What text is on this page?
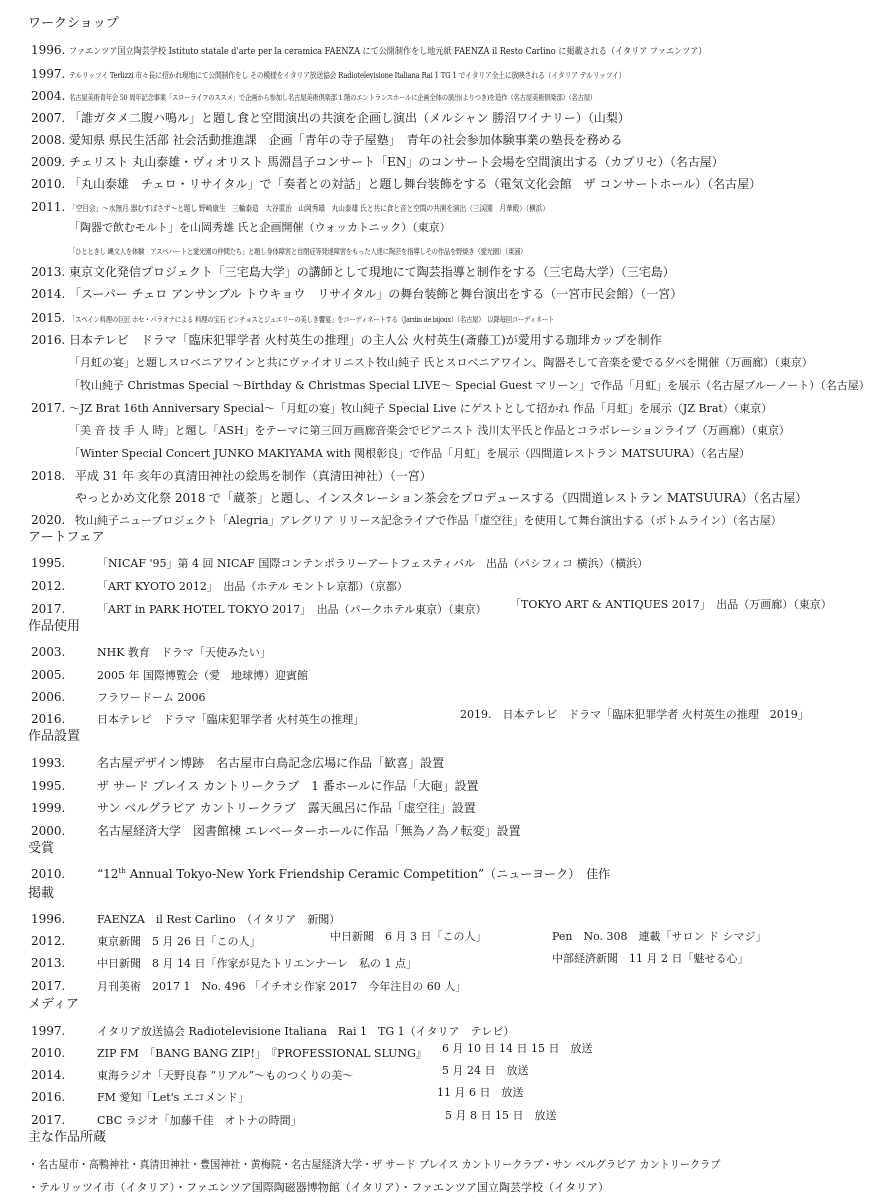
ワークショップ
1996. ファエンツア国立陶芸学校 Istituto statale d'arte per la ceramica FAENZA にて公開制作をし地元紙 FAENZA il Resto Carlino に掲載される（イタリア ファエンツア）
1997. テルリッツイ Terlizzi 市々長に招かれ現地にて公開制作をし その模様をイタリア放送協会 Radiotelevisione Italiana Rai 1 TG 1 でイタリア全土に放映される（イタリア テルリッツイ）
2004. 名古屋美術青年会 50 周年記念事業「スローライフのススメ」で企画から参加し名古屋美術倶楽部 1 階のエントランスホールに企画全体の演出(よりつき)を造作（名古屋美術倶楽部）（名古屋）
2007. 「誰ガタメ二腹ハ鳴ル」と題し食と空間演出の共演を企画し演出（メルシャン 勝沼ワイナリー）（山梨）
2008. 愛知県 県民生活部 社会活動推進課　企画「青年の寺子屋塾」　青年の社会参加体験事業の塾長を務める
2009. チェリスト 丸山泰雄・ヴィオリスト 馬淵昌子コンサート「EN」のコンサート会場を空間演出する（カプリセ）（名古屋）
2010. 「丸山泰雄　チェロ・リサイタル」で「奏者との対話」と題し舞台装飾をする（電気文化会館　ザ コンサートホール）（名古屋）
2011. 「空目会」～水無月 器むすばさず～と題し 野崎康生　三輪泰造　大谷重治　山岡秀雄　丸山泰雄 氏と共に食と音と空間の共演を演出（三渓園　月華殿）（横浜）
「陶器で飲むモルト」を山岡秀雄 氏と企画開催（ウォッカトニック）（東京）
「ひとときし 縄文人を体験　アスペハートと愛光園の仲間たち」と題し身体障害と自閉症等発達障害をもった人達に陶芸を指導しその作品を野焼き（愛光園）（東浦）
2013. 東京文化発信プロジェクト「三宅島大学」の講師として現地にて陶芸指導と制作をする（三宅島大学）（三宅島）
2014. 「スーパー チェロ アンサンブル トウキョウ　リサイタル」の舞台装飾と舞台演出をする（一宮市民会館）（一宮）
2015. 「スペイン料理の巨匠 ホセ・パラオナによる 料理の宝石 ピンチョスとジュエリーの美しき饗宴」をコーディネートする（Jardin de bijoux）（名古屋）　以降毎回コーディネート
2016. 日本テレビ　ドラマ「臨床犯罪学者 火村英生の推理」の主人公 火村英生(斎藤工)が愛用する珈琲カップを制作
「月虹の宴」と題しスロベニアワインと共にヴァイオリニスト牧山純子 氏とスロベニアワイン、陶器そして音楽を愛でる夕べを開催（万画廊）（東京）
「牧山純子 Christmas Special ～Birthday & Christmas Special LIVE～ Special Guest マリーン」で作品「月虹」を展示（名古屋ブルーノート）（名古屋）
2017. ～JZ Brat 16th Anniversary Special～「月虹の宴」牧山純子 Special Live にゲストとして招かれ 作品「月虹」を展示（JZ Brat）（東京）
「美 音 技 手 人 時」と題し「ASH」をテーマに第三回万画廊音楽会でピアニスト 浅川太平氏と作品とコラボレーションライブ（万画廊）（東京）
「Winter Special Concert JUNKO MAKIYAMA with 関根彰良」で作品「月虹」を展示（四間道レストラン MATSUURA）（名古屋）
2018. 平成 31 年 亥年の真清田神社の絵馬を制作（真清田神社）（一宮）
やっとかめ文化祭 2018 で「蔵茶」と題し、インスタレーション茶会をプロデュースする（四間道レストラン MATSUURA）（名古屋）
2020. 牧山純子ニュープロジェクト「Alegria」アレグリア リリース記念ライブで作品「虚空往」を使用して舞台演出する（ボトムライン）（名古屋）
アートフェア
1995.	「NICAF '95」第 4 回 NICAF 国際コンテンポラリーアートフェスティバル　出品（パシフィコ 横浜）（横浜）
2012.	「ART KYOTO 2012」　出品（ホテル モントレ京都）（京都）
2017.	「ART in PARK HOTEL TOKYO 2017」　出品（パークホテル東京）（東京） 「TOKYO ART & ANTIQUES 2017」　出品（万画廊）（東京）
作品使用
2003.	NHK 教育　ドラマ「天使みたい」
2005.	2005 年 国際博覧会（愛　地球博）迎賓館
2006.	フラワードーム 2006
2016.	日本テレビ　ドラマ「臨床犯罪学者 火村英生の推理」	2019.　日本テレビ　ドラマ「臨床犯罪学者 火村英生の推理　2019」
作品設置
1993.	名古屋デザイン博跡　名古屋市白鳥記念広場に作品「歓喜」設置
1995.	ザ サード プレイス カントリークラブ　1 番ホールに作品「大砲」設置
1999.	サン ベルグラビア カントリークラブ　露天風呂に作品「虚空往」設置
2000.	名古屋経済大学　図書館棟 エレベーターホールに作品「無為ノ為ノ転変」設置
受賞
2010.	“12th Annual Tokyo-New York Friendship Ceramic Competition”（ニューヨーク）　佳作
掲載
1996.	FAENZA　il Rest Carlino　（イタリア　新聞）
2012.	東京新聞　5 月 26 日「この人」	中日新聞　6 月 3 日「この人」	Pen　No. 308　連載「サロン ド シマジ」
2013.	中日新聞　8 月 14 日「作家が見たトリエンナーレ　私の 1 点」	中部経済新聞　11 月 2 日「魅せる心」
2017.	月刊美術　2017 1　No. 496 「イチオシ作家 2017　今年注目の 60 人」
メディア
1997.	イタリア放送協会 Radiotelevisione Italiana　Rai 1　TG 1（イタリア　テレビ）
2010.	ZIP FM　「BANG BANG ZIP!」　『PROFESSIONAL SLUNG』 6 月 10 日 14 日 15 日　放送
2014.	東海ラジオ「天野良春 “リアル”～ものつくりの美～	5 月 24 日　放送
2016.	FM 愛知「Let's エコメンド」	11 月 6 日　放送
2017.	CBC ラジオ「加藤千佳　オトナの時間」	5 月 8 日 15 日　放送
主な作品所蔵
・名古屋市・高鴨神社・真清田神社・豊国神社・黄梅院・名古屋経済大学・ザ サード プレイス カントリークラブ・サン ベルグラビア カントリークラブ
・テルリッツイ市（イタリア）・ファエンツア国際陶磁器博物館（イタリア）・ファエンツア国立陶芸学校（イタリア）
